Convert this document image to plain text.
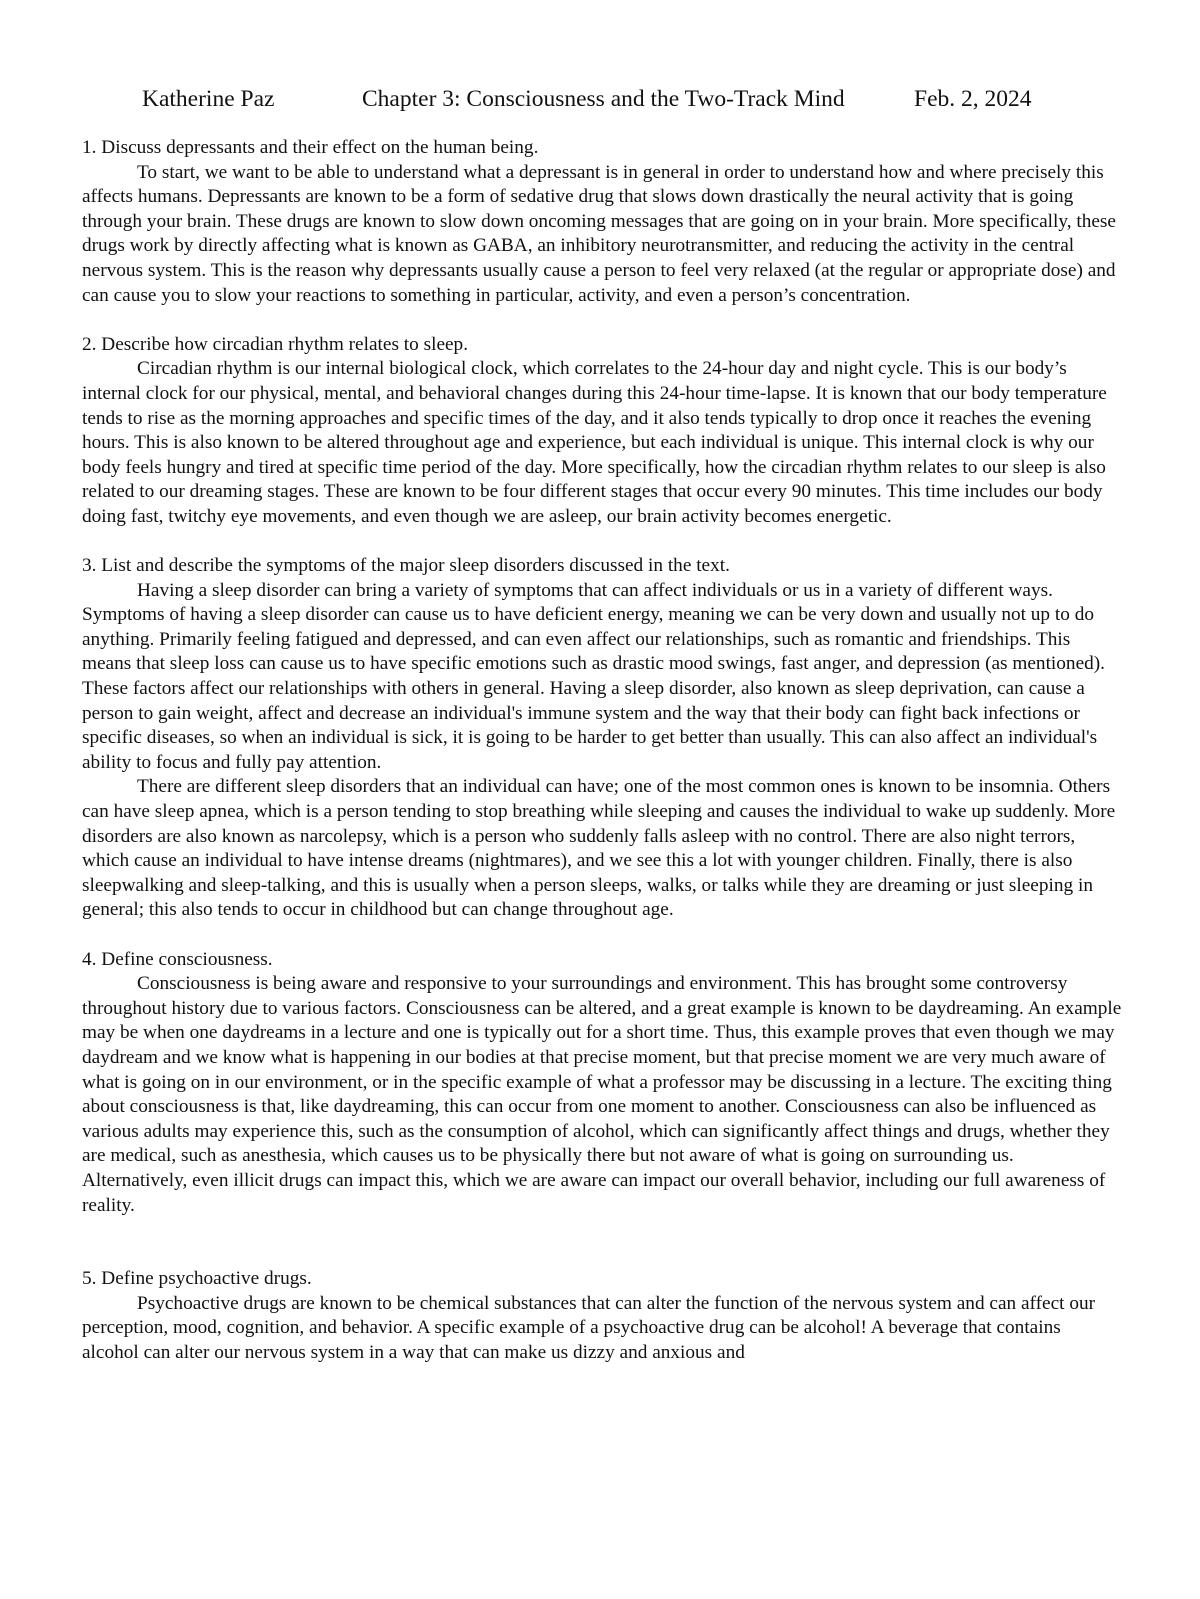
Katherine Paz	Chapter 3: Consciousness and the Two-Track Mind	Feb. 2, 2024

1. Discuss depressants and their effect on the human being.

To start, we want to be able to understand what a depressant is in general in order to understand how and where precisely this affects humans. Depressants are known to be a form of sedative drug that slows down drastically the neural activity that is going through your brain. These drugs are known to slow down oncoming messages that are going on in your brain. More specifically, these drugs work by directly affecting what is known as GABA, an inhibitory neurotransmitter, and reducing the activity in the central nervous system. This is the reason why depressants usually cause a person to feel very relaxed (at the regular or appropriate dose) and can cause you to slow your reactions to something in particular, activity, and even a person’s concentration.

2. Describe how circadian rhythm relates to sleep.

Circadian rhythm is our internal biological clock, which correlates to the 24-hour day and night cycle. This is our body’s internal clock for our physical, mental, and behavioral changes during this 24-hour time-lapse. It is known that our body temperature tends to rise as the morning approaches and specific times of the day, and it also tends typically to drop once it reaches the evening hours. This is also known to be altered throughout age and experience, but each individual is unique. This internal clock is why our body feels hungry and tired at specific time period of the day. More specifically, how the circadian rhythm relates to our sleep is also related to our dreaming stages. These are known to be four different stages that occur every 90 minutes. This time includes our body doing fast, twitchy eye movements, and even though we are asleep, our brain activity becomes energetic.

3. List and describe the symptoms of the major sleep disorders discussed in the text.

Having a sleep disorder can bring a variety of symptoms that can affect individuals or us in a variety of different ways. Symptoms of having a sleep disorder can cause us to have deficient energy, meaning we can be very down and usually not up to do anything. Primarily feeling fatigued and depressed, and can even affect our relationships, such as romantic and friendships. This means that sleep loss can cause us to have specific emotions such as drastic mood swings, fast anger, and depression (as mentioned). These factors affect our relationships with others in general. Having a sleep disorder, also known as sleep deprivation, can cause a person to gain weight, affect and decrease an individual's immune system and the way that their body can fight back infections or specific diseases, so when an individual is sick, it is going to be harder to get better than usually. This can also affect an individual's ability to focus and fully pay attention.

There are different sleep disorders that an individual can have; one of the most common ones is known to be insomnia. Others can have sleep apnea, which is a person tending to stop breathing while sleeping and causes the individual to wake up suddenly. More disorders are also known as narcolepsy, which is a person who suddenly falls asleep with no control. There are also night terrors, which cause an individual to have intense dreams (nightmares), and we see this a lot with younger children. Finally, there is also sleepwalking and sleep-talking, and this is usually when a person sleeps, walks, or talks while they are dreaming or just sleeping in general; this also tends to occur in childhood but can change throughout age.

4. Define consciousness.

Consciousness is being aware and responsive to your surroundings and environment. This has brought some controversy throughout history due to various factors. Consciousness can be altered, and a great example is known to be daydreaming. An example may be when one daydreams in a lecture and one is typically out for a short time. Thus, this example proves that even though we may daydream and we know what is happening in our bodies at that precise moment, but that precise moment we are very much aware of what is going on in our environment, or in the specific example of what a professor may be discussing in a lecture. The exciting thing about consciousness is that, like daydreaming, this can occur from one moment to another. Consciousness can also be influenced as various adults may experience this, such as the consumption of alcohol, which can significantly affect things and drugs, whether they are medical, such as anesthesia, which causes us to be physically there but not aware of what is going on surrounding us. Alternatively, even illicit drugs can impact this, which we are aware can impact our overall behavior, including our full awareness of reality.

5. Define psychoactive drugs.

Psychoactive drugs are known to be chemical substances that can alter the function of the nervous system and can affect our perception, mood, cognition, and behavior. A specific example of a psychoactive drug can be alcohol! A beverage that contains alcohol can alter our nervous system in a way that can make us dizzy and anxious and
